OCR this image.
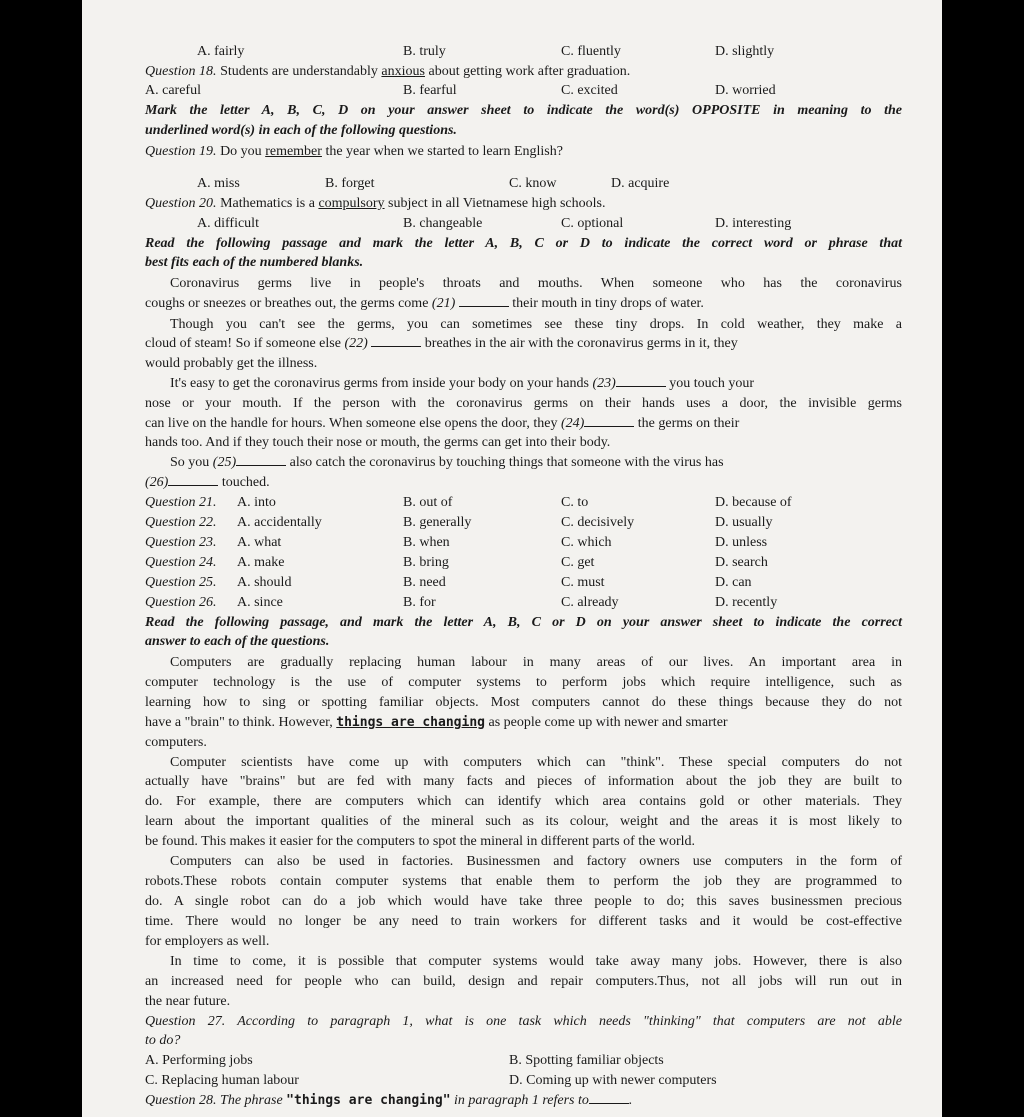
A. fairly	B. truly	C. fluently	D. slightly
Question 18. Students are understandably anxious about getting work after graduation.
A. careful	B. fearful	C. excited	D. worried
Mark the letter A, B, C, D on your answer sheet to indicate the word(s) OPPOSITE in meaning to the
underlined word(s) in each of the following questions.
Question 19. Do you remember the year when we started to learn English?
A. miss	B. forget	C. know	D. acquire
Question 20. Mathematics is a compulsory subject in all Vietnamese high schools.
A. difficult	B. changeable	C. optional	D. interesting
Read the following passage and mark the letter A, B, C or D to indicate the correct word or phrase that
best fits each of the numbered blanks.
Coronavirus germs live in people's throats and mouths. When someone who has the coronavirus
coughs or sneezes or breathes out, the germs come (21)	their mouth in tiny drops of water.
Though you can't see the germs, you can sometimes see these tiny drops. In cold weather, they make a
cloud of steam! So if someone else (22)	breathes in the air with the coronavirus germs in it, they
would probably get the illness.
It's easy to get the coronavirus germs from inside your body on your hands (23)	you touch your
nose or your mouth. If the person with the coronavirus germs on their hands uses a door, the invisible germs
can live on the handle for hours. When someone else opens the door, they (24)	the germs on their
hands too. And if they touch their nose or mouth, the germs can get into their body.
So you (25)	also catch the coronavirus by touching things that someone with the virus has
(26)	touched.
Question 21. A. into	B. out of	C. to	D. because of
Question 22. A. accidentally	B. generally	C. decisively	D. usually
Question 23. A. what	B. when	C. which	D. unless
Question 24. A. make	B. bring	C. get	D. search
Question 25. A. should	B. need	C. must	D. can
Question 26. A. since	B. for	C. already	D. recently
Read the following passage, and mark the letter A, B, C or D on your answer sheet to indicate the correct
answer to each of the questions.
Computers are gradually replacing human labour in many areas of our lives. An important area in
computer technology is the use of computer systems to perform jobs which require intelligence, such as
learning how to sing or spotting familiar objects. Most computers cannot do these things because they do not
have a "brain" to think. However, things are changing as people come up with newer and smarter
computers.
Computer scientists have come up with computers which can "think". These special computers do not
actually have "brains" but are fed with many facts and pieces of information about the job they are built to
do. For example, there are computers which can identify which area contains gold or other materials. They
learn about the important qualities of the mineral such as its colour, weight and the areas it is most likely to
be found. This makes it easier for the computers to spot the mineral in different parts of the world.
Computers can also be used in factories. Businessmen and factory owners use computers in the form of
robots.These robots contain computer systems that enable them to perform the job they are programmed to
do. A single robot can do a job which would have take three people to do; this saves businessmen precious
time. There would no longer be any need to train workers for different tasks and it would be cost-effective
for employers as well.
In time to come, it is possible that computer systems would take away many jobs. However, there is also
an increased need for people who can build, design and repair computers.Thus, not all jobs will run out in
the near future.
Question 27. According to paragraph 1, what is one task which needs "thinking" that computers are not able
to do?
A. Performing jobs	B. Spotting familiar objects
C. Replacing human labour	D. Coming up with newer computers
Question 28. The phrase "things are changing" in paragraph 1 refers to	.
